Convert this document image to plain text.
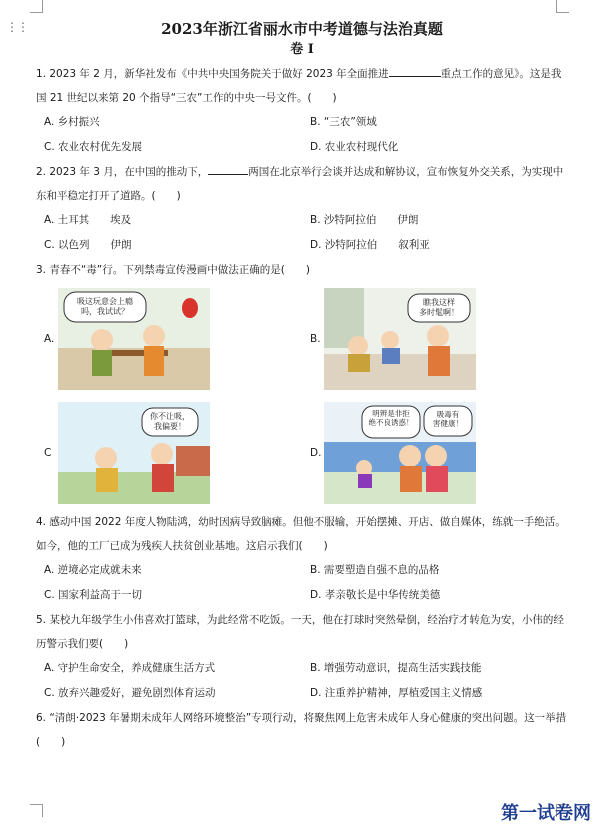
⋮⋮	2023年浙江省丽水市中考道德与法治真题
卷 I
1. 2023 年 2 月，新华社发布《中共中央国务院关于做好 2023 年全面推进	重点工作的意见》。这是我国 21 世纪以来第 20 个指导“三农”工作的中央一号文件。(　　)
A. 乡村振兴	B. “三农”领域
C. 农业农村优先发展	D. 农业农村现代化
2. 2023 年 3 月，在中国的推动下，	两国在北京举行会谈并达成和解协议，宣布恢复外交关系，为实现中东和平稳定打开了道路。(　　)
A. 土耳其　　埃及	B. 沙特阿拉伯　　伊朗
C. 以色列　　伊朗	D. 沙特阿拉伯　　叙利亚
3. 青春不“毒”行。下列禁毒宣传漫画中做法正确的是(　　)
A.
吸这玩意会上瘾吗，我试试？
B.
瞧我这样多时髦啊！
C
你不让吸，我偏要！
D.
明辨是非拒绝不良诱惑！
吸毒有害健康！
4. 感动中国 2022 年度人物陆鸿，幼时因病导致脑瘫。但他不服输，开始摆摊、开店、做自媒体，练就一手绝活。如今，他的工厂已成为残疾人扶贫创业基地。这启示我们(　　)
A. 逆境必定成就未来	B. 需要塑造自强不息的品格
C. 国家利益高于一切	D. 孝亲敬长是中华传统美德
5. 某校九年级学生小伟喜欢打篮球，为此经常不吃饭。一天，他在打球时突然晕倒，经治疗才转危为安，小伟的经历警示我们要(　　)
A. 守护生命安全，养成健康生活方式	B. 增强劳动意识，提高生活实践技能
C. 放弃兴趣爱好，避免剧烈体育运动	D. 注重养护精神，厚植爱国主义情感
6. “清朗·2023 年暑期未成年人网络环境整治”专项行动，将聚焦网上危害未成年人身心健康的突出问题。这一举措(　　)
第一试卷网
